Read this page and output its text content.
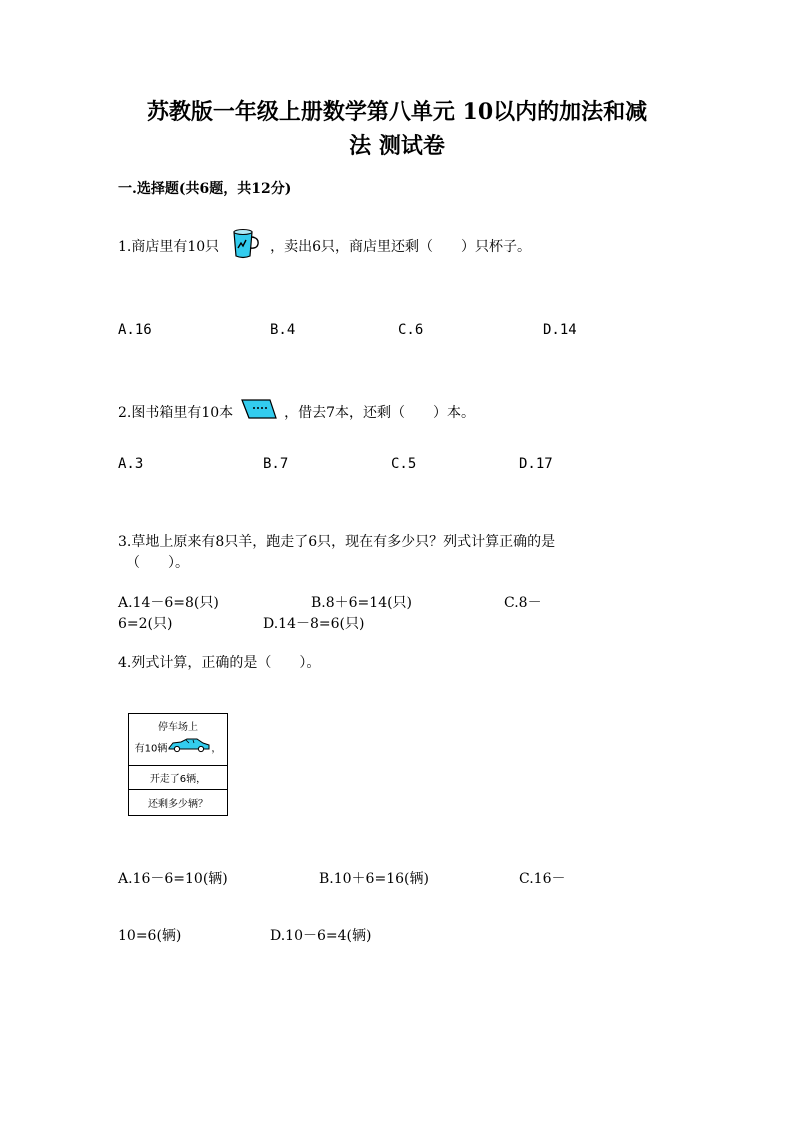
苏教版一年级上册数学第八单元 10以内的加法和减
法 测试卷
一.选择题(共6题，共12分)
1.商店里有10只	，卖出6只，商店里还剩（　　）只杯子。
A.16	B.4	C.6	D.14
2.图书箱里有10本	，借去7本，还剩（　　）本。
A.3	B.7	C.5	D.17
3.草地上原来有8只羊，跑走了6只，现在有多少只？列式计算正确的是
（　　）。
A.14－6=8(只)	B.8＋6=14(只)	C.8－
6=2(只)	D.14－8=6(只)
4.列式计算，正确的是（　　）。
停车场上
有10辆	，

开走了6辆，
还剩多少辆？
A.16－6=10(辆)	B.10＋6=16(辆)	C.16－
10=6(辆)	D.10－6=4(辆)
